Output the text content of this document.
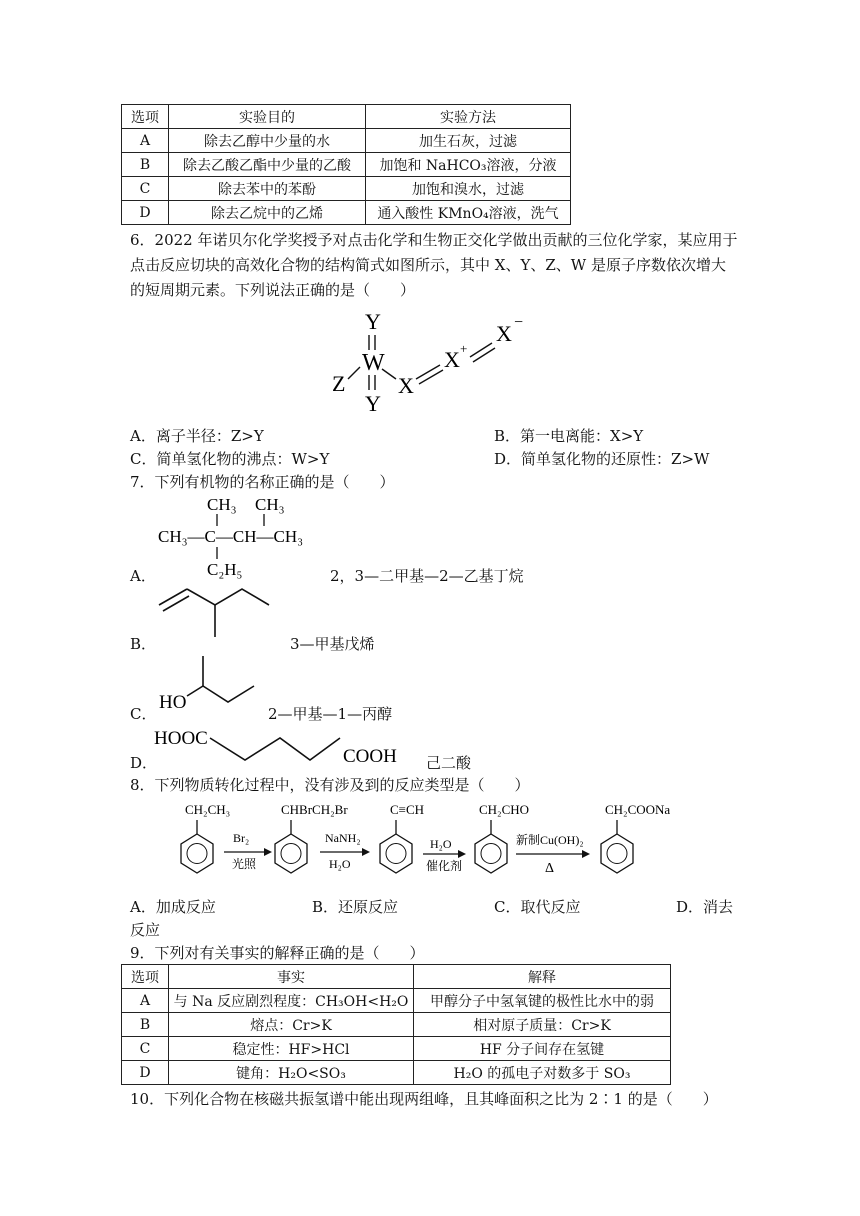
选项	实验目的	实验方法
A	除去乙醇中少量的水	加生石灰，过滤
B	除去乙酸乙酯中少量的乙酸	加饱和 NaHCO₃溶液，分液
C	除去苯中的苯酚	加饱和溴水，过滤
D	除去乙烷中的乙烯	通入酸性 KMnO₄溶液，洗气
6．2022 年诺贝尔化学奖授予对点击化学和生物正交化学做出贡献的三位化学家，某应用于
点击反应切块的高效化合物的结构简式如图所示，其中 X、Y、Z、W 是原子序数依次增大
的短周期元素。下列说法正确的是（　　）
Y
W
Y
Z X
X +
X −
A．离子半径：Z>Y	B．第一电离能：X>Y
C．简单氢化物的沸点：W>Y	D．简单氢化物的还原性：Z>W
7．下列有机物的名称正确的是（　　）
CH₃ CH₃
CH₃—C—CH—CH₃
C₂H₅
A．	2，3—二甲基—2—乙基丁烷
B．	3—甲基戊烯
HO
C．	2—甲基—1—丙醇
HOOC
COOH
D．	己二酸
8．下列物质转化过程中，没有涉及到的反应类型是（　　）
CH₂CH₃
Br₂
光照
CHBrCH₂Br
NaNH₂
H₂O
C≡CH
H₂O
催化剂
CH₂CHO
新制Cu(OH)₂
Δ
CH₂COONa
A．加成反应	B．还原反应	C．取代反应	D．消去
反应
9．下列对有关事实的解释正确的是（　　）
选项	事实	解释
A	与 Na 反应剧烈程度：CH₃OH<H₂O	甲醇分子中氢氧键的极性比水中的弱
B	熔点：Cr>K	相对原子质量：Cr>K
C	稳定性：HF>HCl	HF 分子间存在氢键
D	键角：H₂O<SO₃	H₂O 的孤电子对数多于 SO₃
10．下列化合物在核磁共振氢谱中能出现两组峰，且其峰面积之比为 2∶1 的是（　　）
